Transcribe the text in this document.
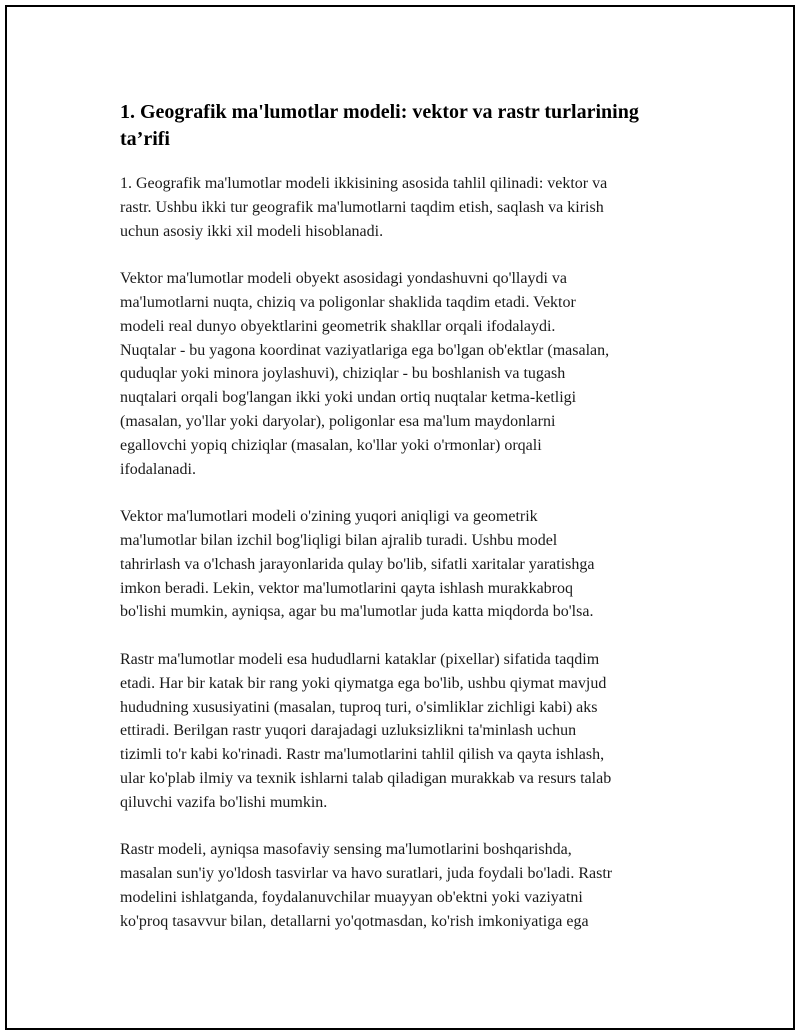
1. Geografik ma'lumotlar modeli: vektor va rastr turlarining
ta’rifi

1. Geografik ma'lumotlar modeli ikkisining asosida tahlil qilinadi: vektor va
rastr. Ushbu ikki tur geografik ma'lumotlarni taqdim etish, saqlash va kirish
uchun asosiy ikki xil modeli hisoblanadi.

Vektor ma'lumotlar modeli obyekt asosidagi yondashuvni qo'llaydi va
ma'lumotlarni nuqta, chiziq va poligonlar shaklida taqdim etadi. Vektor
modeli real dunyo obyektlarini geometrik shakllar orqali ifodalaydi.
Nuqtalar - bu yagona koordinat vaziyatlariga ega bo'lgan ob'ektlar (masalan,
quduqlar yoki minora joylashuvi), chiziqlar - bu boshlanish va tugash
nuqtalari orqali bog'langan ikki yoki undan ortiq nuqtalar ketma-ketligi
(masalan, yo'llar yoki daryolar), poligonlar esa ma'lum maydonlarni
egallovchi yopiq chiziqlar (masalan, ko'llar yoki o'rmonlar) orqali
ifodalanadi.

Vektor ma'lumotlari modeli o'zining yuqori aniqligi va geometrik
ma'lumotlar bilan izchil bog'liqligi bilan ajralib turadi. Ushbu model
tahrirlash va o'lchash jarayonlarida qulay bo'lib, sifatli xaritalar yaratishga
imkon beradi. Lekin, vektor ma'lumotlarini qayta ishlash murakkabroq
bo'lishi mumkin, ayniqsa, agar bu ma'lumotlar juda katta miqdorda bo'lsa.

Rastr ma'lumotlar modeli esa hududlarni kataklar (pixellar) sifatida taqdim
etadi. Har bir katak bir rang yoki qiymatga ega bo'lib, ushbu qiymat mavjud
hududning xususiyatini (masalan, tuproq turi, o'simliklar zichligi kabi) aks
ettiradi. Berilgan rastr yuqori darajadagi uzluksizlikni ta'minlash uchun
tizimli to'r kabi ko'rinadi. Rastr ma'lumotlarini tahlil qilish va qayta ishlash,
ular ko'plab ilmiy va texnik ishlarni talab qiladigan murakkab va resurs talab
qiluvchi vazifa bo'lishi mumkin.

Rastr modeli, ayniqsa masofaviy sensing ma'lumotlarini boshqarishda,
masalan sun'iy yo'ldosh tasvirlar va havo suratlari, juda foydali bo'ladi. Rastr
modelini ishlatganda, foydalanuvchilar muayyan ob'ektni yoki vaziyatni
ko'proq tasavvur bilan, detallarni yo'qotmasdan, ko'rish imkoniyatiga ega
